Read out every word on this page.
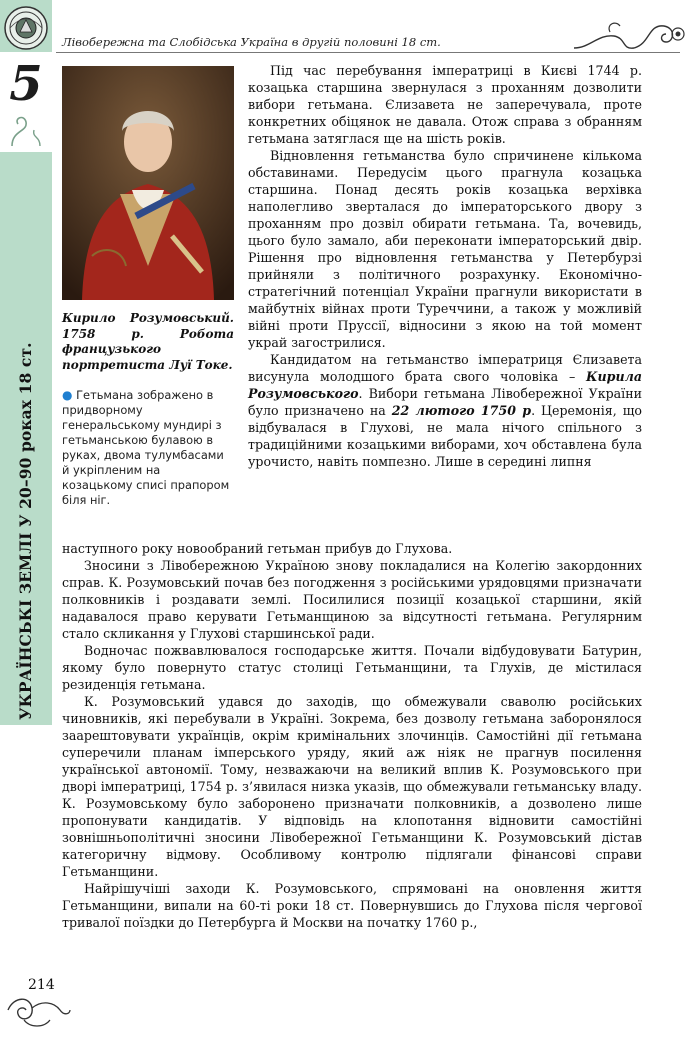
5
Лівобережна та Слобідська Україна в другій половині 18 ст.
Кирило Розумовський. 1758 р. Робота французького портретиста Луї Токе.
● Гетьмана зображено в придворному генеральському мундирі з гетьманською булавою в руках, двома тулумбасами й укріпленим на козацькому списі прапором біля ніг.

Під час перебування імператриці в Києві 1744 р. козацька старшина звернулася з проханням дозволити вибори гетьмана. Єлизавета не заперечувала, проте конкретних обіцянок не давала. Отож справа з обранням гетьмана затяглася ще на шість років.

Відновлення гетьманства було спричинене кількома обставинами. Передусім цього прагнула козацька старшина. Понад десять років козацька верхівка наполегливо зверталася до імператорського двору з проханням про дозвіл обирати гетьмана. Та, вочевидь, цього було замало, аби переконати імператорський двір. Рішення про відновлення гетьманства у Петербурзі прийняли з політичного розрахунку. Економічно-стратегічний потенціал України прагнули використати в майбутніх війнах проти Туреччини, а також у можливій війні проти Пруссії, відносини з якою на той момент украй загострилися.

Кандидатом на гетьманство імператриця Єлизавета висунула молодшого брата свого чоловіка – Кирила Розумовського. Вибори гетьмана Лівобережної України було призначено на 22 лютого 1750 р. Церемонія, що відбувалася в Глухові, не мала нічого спільного з традиційними козацькими виборами, хоч обставлена була урочисто, навіть помпезно. Лише в середині липня

наступного року новообраний гетьман прибув до Глухова.

Зносини з Лівобережною Україною знову покладалися на Колегію закордонних справ. К. Розумовський почав без погодження з російськими урядовцями призначати полковників і роздавати землі. Посилилися позиції козацької старшини, якій надавалося право керувати Гетьманщиною за відсутності гетьмана. Регулярним стало скликання у Глухові старшинської ради.

Водночас пожвавлювалося господарське життя. Почали відбудовувати Батурин, якому було повернуто статус столиці Гетьманщини, та Глухів, де містилася резиденція гетьмана.

К. Розумовський удався до заходів, що обмежували сваволю російських чиновників, які перебували в Україні. Зокрема, без дозволу гетьмана заборонялося заарештовувати українців, окрім кримінальних злочинців. Самостійні дії гетьмана суперечили планам імперського уряду, який аж ніяк не прагнув посилення української автономії. Тому, незважаючи на великий вплив К. Розумовського при дворі імператриці, 1754 р. з’явилася низка указів, що обмежували гетьманську владу. К. Розумовському було заборонено призначати полковників, а дозволено лише пропонувати кандидатів. У відповідь на клопотання відновити самостійні зовнішньополітичні зносини Лівобережної Гетьманщини К. Розумовський дістав категоричну відмову. Особливому контролю підлягали фінансові справи Гетьманщини.

Найрішучіші заходи К. Розумовського, спрямовані на оновлення життя Гетьманщини, випали на 60-ті роки 18 ст. Повернувшись до Глухова після чергової тривалої поїздки до Петербурга й Москви на початку 1760 р.,

214
